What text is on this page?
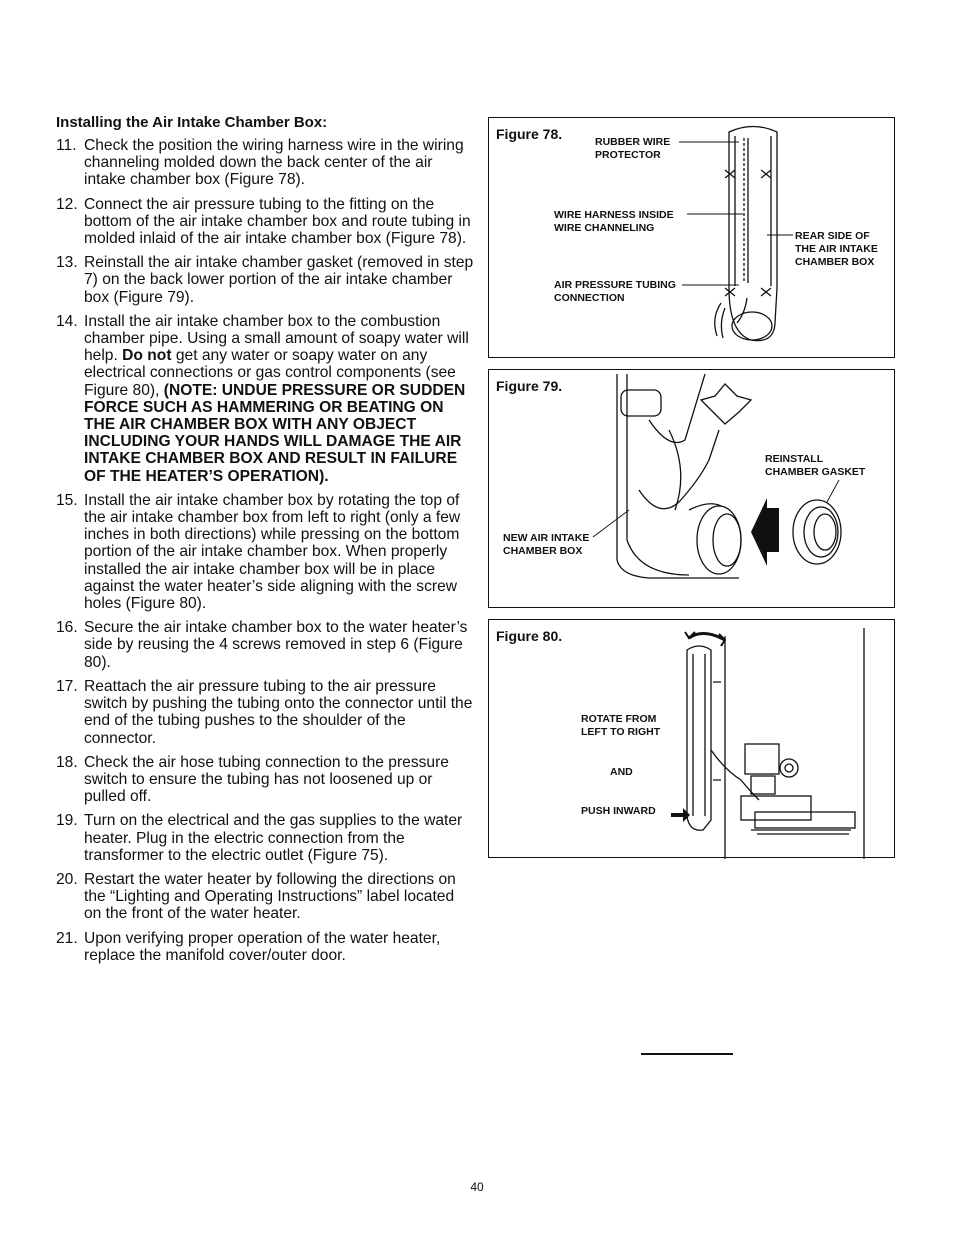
Installing the Air Intake Chamber Box:
11. Check the position the wiring harness wire in the wiring channeling molded down the back center of the air intake chamber box (Figure 78).
12. Connect the air pressure tubing to the fitting on the bottom of the air intake chamber box and route tubing in molded inlaid of the air intake chamber box (Figure 78).
13. Reinstall the air intake chamber gasket (removed in step 7) on the back lower portion of the air intake chamber box (Figure 79).
14. Install the air intake chamber box to the combustion chamber pipe. Using a small amount of soapy water will help. Do not get any water or soapy water on any electrical connections or gas control components (see Figure 80), (NOTE: UNDUE PRESSURE OR SUDDEN FORCE SUCH AS HAMMERING OR BEATING ON THE AIR CHAMBER BOX WITH ANY OBJECT INCLUDING YOUR HANDS WILL DAMAGE THE AIR INTAKE CHAMBER BOX AND RESULT IN FAILURE OF THE HEATER’S OPERATION).
15. Install the air intake chamber box by rotating the top of the air intake chamber box from left to right (only a few inches in both directions) while pressing on the bottom portion of the air intake chamber box. When properly installed the air intake chamber box will be in place against the water heater’s side aligning with the screw holes (Figure 80).
16. Secure the air intake chamber box to the water heater’s side by reusing the 4 screws removed in step 6 (Figure 80).
17. Reattach the air pressure tubing to the air pressure switch by pushing the tubing onto the connector until the end of the tubing pushes to the shoulder of the connector.
18. Check the air hose tubing connection to the pressure switch to ensure the tubing has not loosened up or pulled off.
19. Turn on the electrical and the gas supplies to the water heater. Plug in the electric connection from the transformer to the electric outlet (Figure 75).
20. Restart the water heater by following the directions on the “Lighting and Operating Instructions” label located on the front of the water heater.
21. Upon verifying proper operation of the water heater, replace the manifold cover/outer door.
Figure 78.	RUBBER WIRE
PROTECTOR
WIRE HARNESS INSIDE
WIRE CHANNELING
AIR PRESSURE TUBING
CONNECTION
REAR SIDE OF
THE AIR INTAKE
CHAMBER BOX
Figure 79.
REINSTALL
CHAMBER GASKET
NEW AIR INTAKE
CHAMBER BOX
Figure 80.
ROTATE FROM
LEFT TO RIGHT
AND
PUSH INWARD
40
